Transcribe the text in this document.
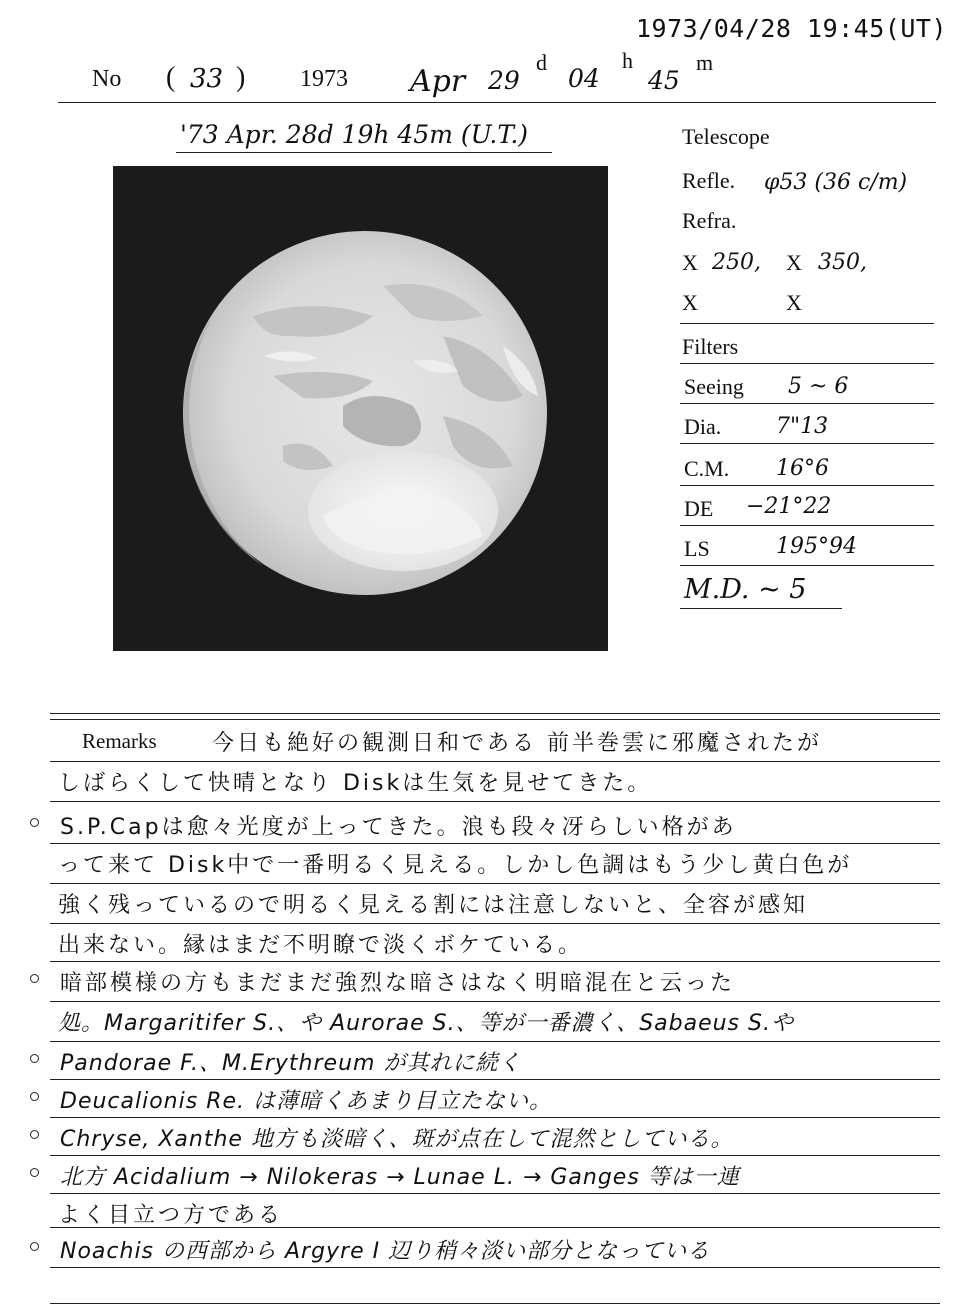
1973/04/28 19:45(UT)
No ( 33 ) 1973 Apr 29
d
04
h
45
m
'73 Apr. 28d 19h 45m (U.T.)	Telescope
Refle. φ53 (36 c/m)
Refra.
X 250, X 350,
X	X
Filters
Seeing 5 ~ 6
Dia. 7"13
C.M. 16°6
DE −21°22
LS	195°94
M.D. ~ 5
Remarks	今日も絶好の観測日和である 前半巻雲に邪魔されたが
しばらくして快晴となり Diskは生気を見せてきた。
S.P.Capは愈々光度が上ってきた。浪も段々冴らしい格があ
って来て Disk中で一番明るく見える。しかし色調はもう少し黄白色が
強く残っているので明るく見える割には注意しないと、全容が感知
出来ない。縁はまだ不明瞭で淡くボケている。
暗部模様の方もまだまだ強烈な暗さはなく明暗混在と云った
処。Margaritifer S.、や Aurorae S.、等が一番濃く、Sabaeus S.や
Pandorae F.、M.Erythreum が其れに続く
Deucalionis Re. は薄暗くあまり目立たない。
Chryse, Xanthe 地方も淡暗く、斑が点在して混然としている。
北方 Acidalium → Nilokeras → Lunae L. → Ganges 等は一連
よく目立つ方である
Noachis の西部から Argyre I 辺り稍々淡い部分となっている
